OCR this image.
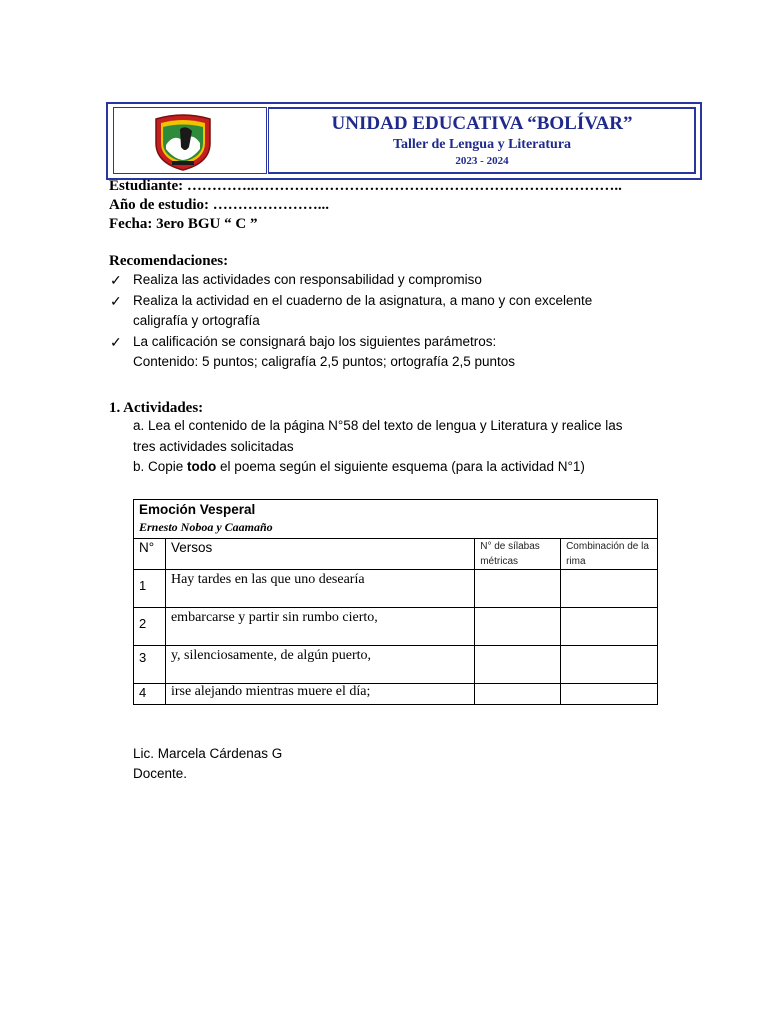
UNIDAD EDUCATIVA “BOLÍVAR”
Taller de Lengua y Literatura
2023 - 2024
Estudiante: …………..………………………………………………………………..
Año de estudio: …………………...
Fecha: 3ero BGU “ C ”
Recomendaciones:
✓ Realiza las actividades con responsabilidad y compromiso
✓ Realiza la actividad en el cuaderno de la asignatura, a mano y con excelente
caligrafía y ortografía
✓ La calificación se consignará bajo los siguientes parámetros:
Contenido: 5 puntos; caligrafía 2,5 puntos; ortografía 2,5 puntos
1. Actividades:
a. Lea el contenido de la página N°58 del texto de lengua y Literatura y realice las
tres actividades solicitadas
b. Copie todo el poema según el siguiente esquema (para la actividad N°1)
Emoción Vesperal
Ernesto Noboa y Caamaño			

N°	Versos	N° de sílabas métricas	Combinación de la rima
1	Hay tardes en las que uno desearía		
2	embarcarse y partir sin rumbo cierto,		
3	y, silenciosamente, de algún puerto,		
4	irse alejando mientras muere el día;		
Lic. Marcela Cárdenas G
Docente.
